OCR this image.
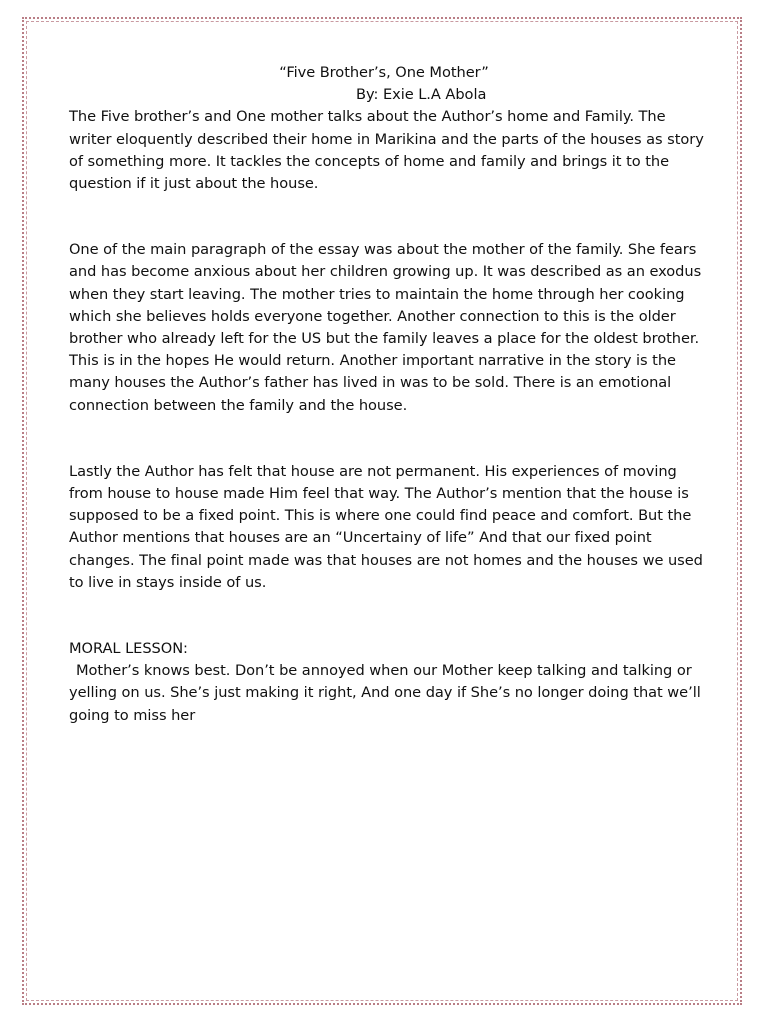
“Five Brother’s, One Mother”

By: Exie L.A Abola

The Five brother’s and One mother talks about the Author’s home and Family. The writer eloquently described their home in Marikina and the parts of the houses as story of something more. It tackles the concepts of home and family and brings it to the question if it just about the house.

One of the main paragraph of the essay was about the mother of the family. She fears and has become anxious about her children growing up. It was described as an exodus when they start leaving. The mother tries to maintain the home through her cooking which she believes holds everyone together. Another connection to this is the older brother who already left for the US but the family leaves a place for the oldest brother. This is in the hopes He would return. Another important narrative in the story is the many houses the Author’s father has lived in was to be sold. There is an emotional connection between the family and the house.

Lastly the Author has felt that house are not permanent. His experiences of moving from house to house made Him feel that way. The Author’s mention that the house is supposed to be a fixed point. This is where one could find peace and comfort. But the Author mentions that houses are an “Uncertainy of life” And that our fixed point changes. The final point made was that houses are not homes and the houses we used to live in stays inside of us.

MORAL LESSON:

Mother’s knows best. Don’t be annoyed when our Mother keep talking and talking or yelling on us. She’s just making it right, And one day if She’s no longer doing that we’ll going to miss her
